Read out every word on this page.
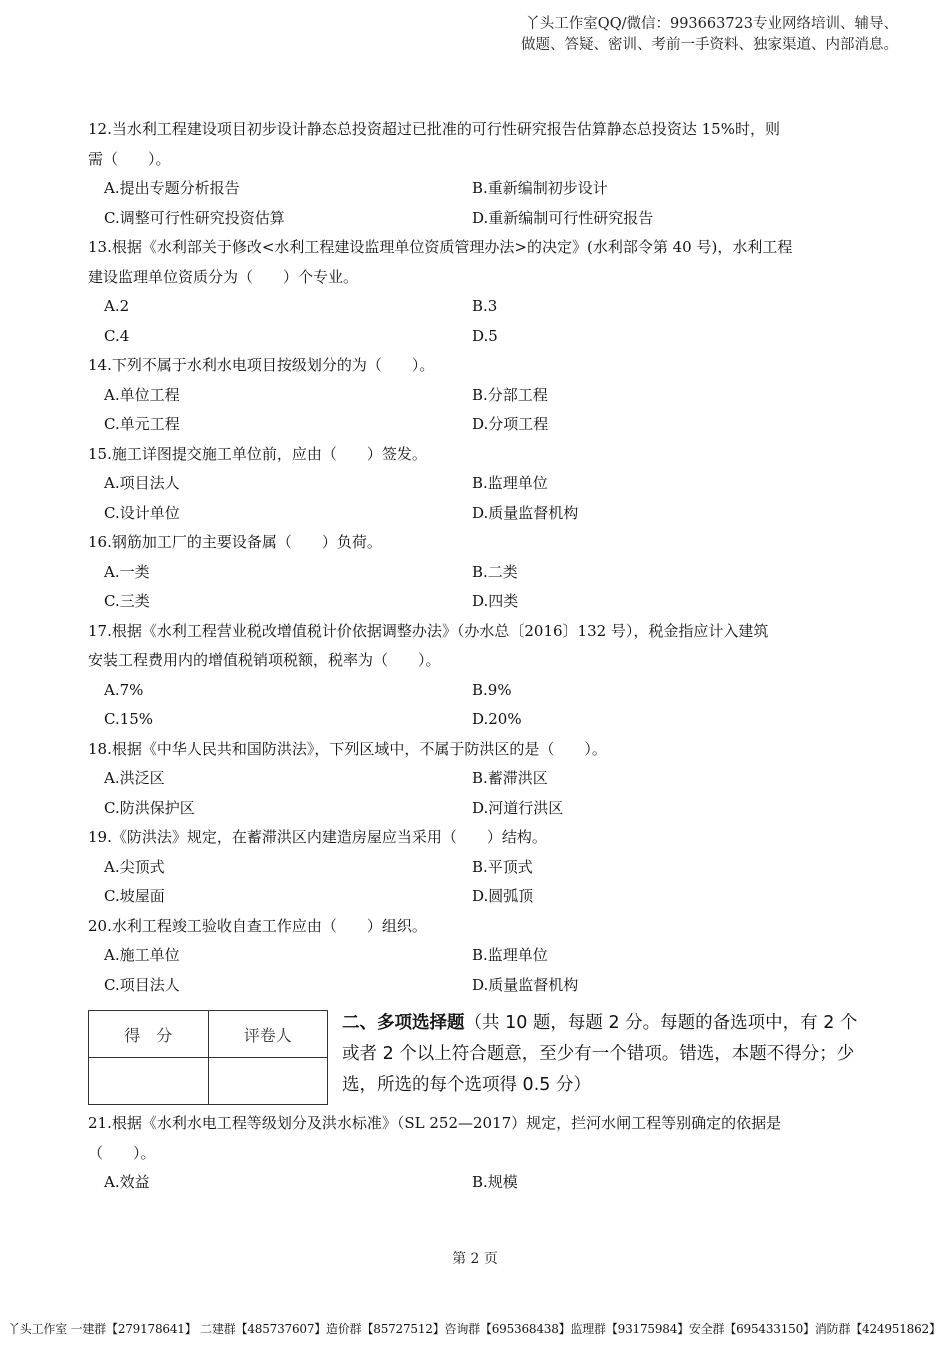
丫头工作室QQ/微信：993663723专业网络培训、辅导、
做题、答疑、密训、考前一手资料、独家渠道、内部消息。
12.当水利工程建设项目初步设计静态总投资超过已批准的可行性研究报告估算静态总投资达 15%时，则
需（　　）。
A.提出专题分析报告	B.重新编制初步设计
C.调整可行性研究投资估算	D.重新编制可行性研究报告
13.根据《水利部关于修改<水利工程建设监理单位资质管理办法>的决定》(水利部令第 40 号)，水利工程
建设监理单位资质分为（　　）个专业。
A.2	B.3
C.4	D.5
14.下列不属于水利水电项目按级划分的为（　　）。
A.单位工程	B.分部工程
C.单元工程	D.分项工程
15.施工详图提交施工单位前，应由（　　）签发。
A.项目法人	B.监理单位
C.设计单位	D.质量监督机构
16.钢筋加工厂的主要设备属（　　）负荷。
A.一类	B.二类
C.三类	D.四类
17.根据《水利工程营业税改增值税计价依据调整办法》（办水总〔2016〕132 号），税金指应计入建筑
安装工程费用内的增值税销项税额，税率为（　　）。
A.7%	B.9%
C.15%	D.20%
18.根据《中华人民共和国防洪法》，下列区域中，不属于防洪区的是（　　）。
A.洪泛区	B.蓄滞洪区
C.防洪保护区	D.河道行洪区
19.《防洪法》规定，在蓄滞洪区内建造房屋应当采用（　　）结构。
A.尖顶式	B.平顶式
C.坡屋面	D.圆弧顶
20.水利工程竣工验收自查工作应由（　　）组织。
A.施工单位	B.监理单位
C.项目法人	D.质量监督机构
得　分	评卷人

二、多项选择题（共 10 题，每题 2 分。每题的备选项中，有 2 个或者 2 个以上符合题意，至少有一个错项。错选，本题不得分；少选，所选的每个选项得 0.5 分）
21.根据《水利水电工程等级划分及洪水标准》（SL 252—2017）规定，拦河水闸工程等别确定的依据是
（　　）。
A.效益	B.规模
第 2 页
丫头工作室 一建群【279178641】 二建群【485737607】造价群【85727512】咨询群【695368438】监理群【93175984】安全群【695433150】消防群【424951862】
